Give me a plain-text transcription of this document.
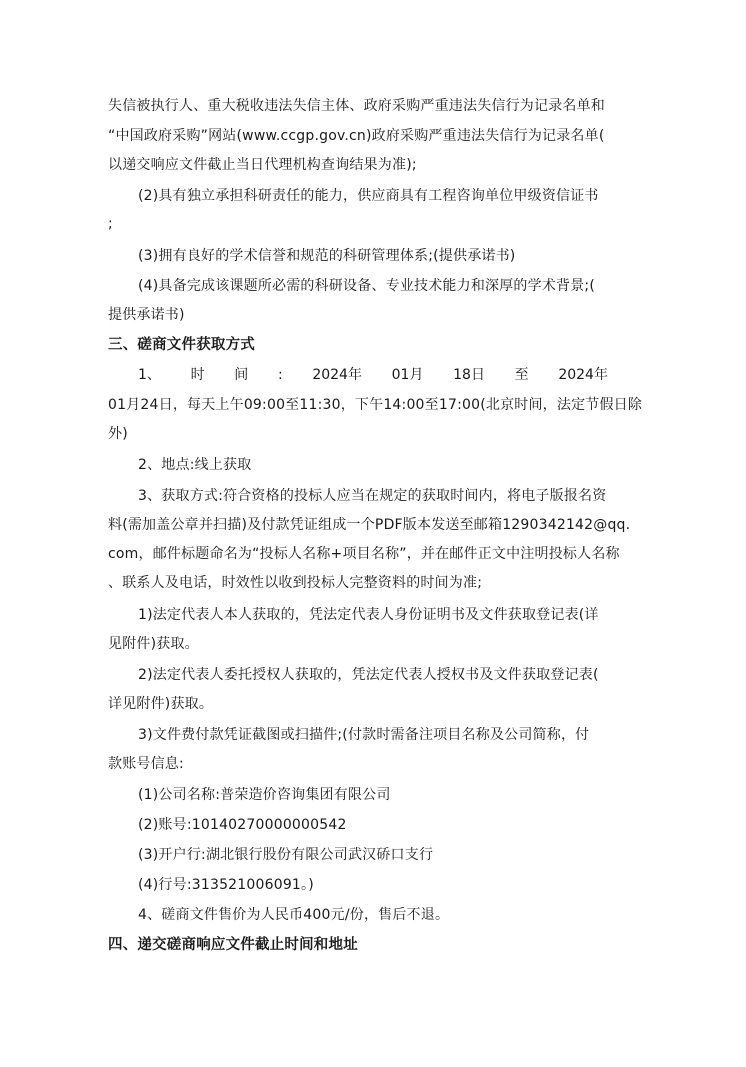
失信被执行人、重大税收违法失信主体、政府采购严重违法失信行为记录名单和
“中国政府采购”网站(www.ccgp.gov.cn)政府采购严重违法失信行为记录名单(
以递交响应文件截止当日代理机构查询结果为准);
(2)具有独立承担科研责任的能力，供应商具有工程咨询单位甲级资信证书
;
(3)拥有良好的学术信誉和规范的科研管理体系;(提供承诺书)
(4)具备完成该课题所必需的科研设备、专业技术能力和深厚的学术背景;(
提供承诺书)
三、磋商文件获取方式
1、 时 间 : 2024年 01月 18日 至 2024年
01月24日，每天上午09:00至11:30，下午14:00至17:00(北京时间，法定节假日除
外)
2、地点:线上获取
3、获取方式:符合资格的投标人应当在规定的获取时间内，将电子版报名资
料(需加盖公章并扫描)及付款凭证组成一个PDF版本发送至邮箱1290342142@qq.
com，邮件标题命名为“投标人名称+项目名称”，并在邮件正文中注明投标人名称
、联系人及电话，时效性以收到投标人完整资料的时间为准;
1)法定代表人本人获取的，凭法定代表人身份证明书及文件获取登记表(详
见附件)获取。
2)法定代表人委托授权人获取的，凭法定代表人授权书及文件获取登记表(
详见附件)获取。
3)文件费付款凭证截图或扫描件;(付款时需备注项目名称及公司简称，付
款账号信息:
(1)公司名称:普荣造价咨询集团有限公司
(2)账号:10140270000000542
(3)开户行:湖北银行股份有限公司武汉硚口支行
(4)行号:313521006091。)
4、磋商文件售价为人民币400元/份，售后不退。
四、递交磋商响应文件截止时间和地址
